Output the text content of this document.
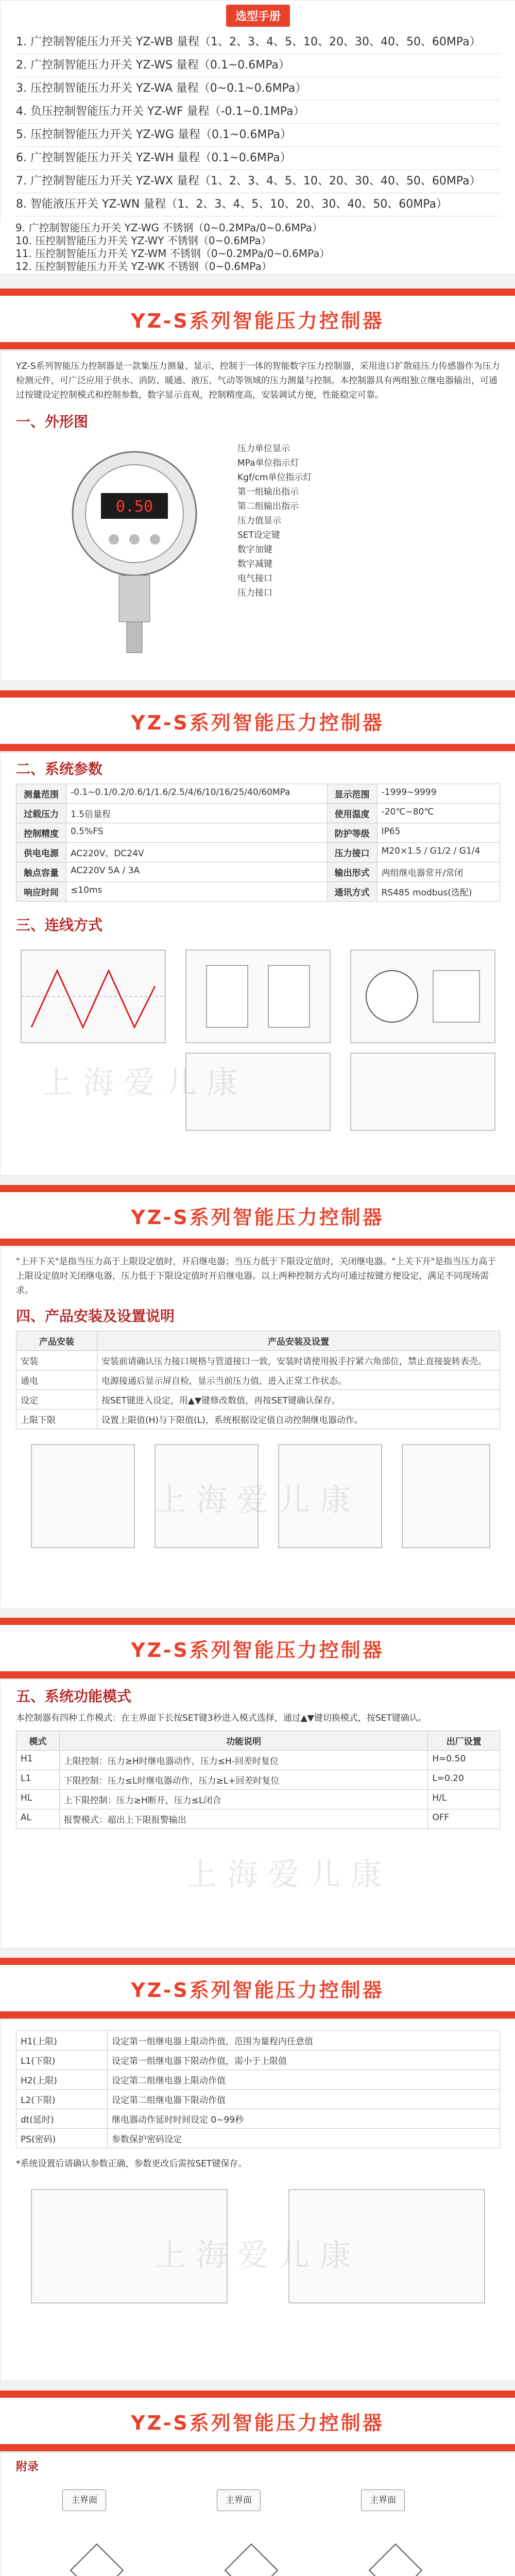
选型手册
1. 广控制智能压力开关 YZ-WB 量程（1、2、3、4、5、10、20、30、40、50、60MPa）
2. 广控制智能压力开关 YZ-WS 量程（0.1~0.6MPa）
3. 压控制智能压力开关 YZ-WA 量程（0~0.1~0.6MPa）
4. 负压控制智能压力开关 YZ-WF 量程（-0.1~0.1MPa）
5. 压控制智能压力开关 YZ-WG 量程（0.1~0.6MPa）
6. 广控制智能压力开关 YZ-WH 量程（0.1~0.6MPa）
7. 广控制智能压力开关 YZ-WX 量程（1、2、3、4、5、10、20、30、40、50、60MPa）
8. 智能液压开关 YZ-WN 量程（1、2、3、4、5、10、20、30、40、50、60MPa）
9. 广控制智能压力开关 YZ-WG 不锈钢（0~0.2MPa/0~0.6MPa）
10. 压控制智能压力开关 YZ-WY 不锈钢（0~0.6MPa）
11. 压控制智能压力开关 YZ-WM 不锈钢（0~0.2MPa/0~0.6MPa）
12. 压控制智能压力开关 YZ-WK 不锈钢（0~0.6MPa）
YZ-S系列智能压力控制器
YZ-S系列智能压力控制器是一款集压力测量、显示、控制于一体的智能数字压力控制器，采用进口扩散硅压力传感器作为压力检测元件，可广泛应用于供水、消防、暖通、液压、气动等领域的压力测量与控制。本控制器具有两组独立继电器输出，可通过按键设定控制模式和控制参数，数字显示直观，控制精度高，安装调试方便，性能稳定可靠。
一、外形图
0.50
压力单位显示
MPa单位指示灯
Kgf/cm单位指示灯
第一组输出指示
第二组输出指示
压力值显示
SET设定键
数字加键
数字减键
电气接口
压力接口
YZ-S系列智能压力控制器
二、系统参数
测量范围	-0.1~0.1/0.2/0.6/1/1.6/2.5/4/6/10/16/25/40/60MPa	显示范围	-1999~9999
过载压力	1.5倍量程	使用温度	-20℃~80℃
控制精度	0.5%FS	防护等级	IP65
供电电源	AC220V、DC24V	压力接口	M20×1.5 / G1/2 / G1/4
触点容量	AC220V 5A / 3A	输出形式	两组继电器常开/常闭
响应时间	≤10ms	通讯方式	RS485 modbus(选配)
三、连线方式
上海爱儿康
YZ-S系列智能压力控制器
"上开下关"是指当压力高于上限设定值时，开启继电器；当压力低于下限设定值时，关闭继电器。"上关下开"是指当压力高于上限设定值时关闭继电器，压力低于下限设定值时开启继电器。以上两种控制方式均可通过按键方便设定，满足不同现场需求。
四、产品安装及设置说明
产品安装	产品安装及设置
安装	安装前请确认压力接口规格与管道接口一致，安装时请使用扳手拧紧六角部位，禁止直接旋转表壳。
通电	电源接通后显示屏自检，显示当前压力值，进入正常工作状态。
设定	按SET键进入设定，用▲▼键修改数值，再按SET键确认保存。
上限下限	设置上限值(H)与下限值(L)，系统根据设定值自动控制继电器动作。
上海爱儿康
YZ-S系列智能压力控制器
五、系统功能模式
本控制器有四种工作模式：在主界面下长按SET键3秒进入模式选择，通过▲▼键切换模式，按SET键确认。
模式	功能说明	出厂设置
H1	上限控制：压力≥H时继电器动作，压力≤H-回差时复位	H=0.50
L1	下限控制：压力≤L时继电器动作，压力≥L+回差时复位	L=0.20
HL	上下限控制：压力≥H断开，压力≤L闭合	H/L
AL	报警模式：超出上下限报警输出	OFF
上海爱儿康
YZ-S系列智能压力控制器
H1(上限)	设定第一组继电器上限动作值，范围为量程内任意值
L1(下限)	设定第一组继电器下限动作值，需小于上限值
H2(上限)	设定第二组继电器上限动作值
L2(下限)	设定第二组继电器下限动作值
dt(延时)	继电器动作延时时间设定 0~99秒
PS(密码)	参数保护密码设定
*系统设置后请确认参数正确，参数更改后需按SET键保存。
上海爱儿康
YZ-S系列智能压力控制器
附录
主界面	主界面	主界面
